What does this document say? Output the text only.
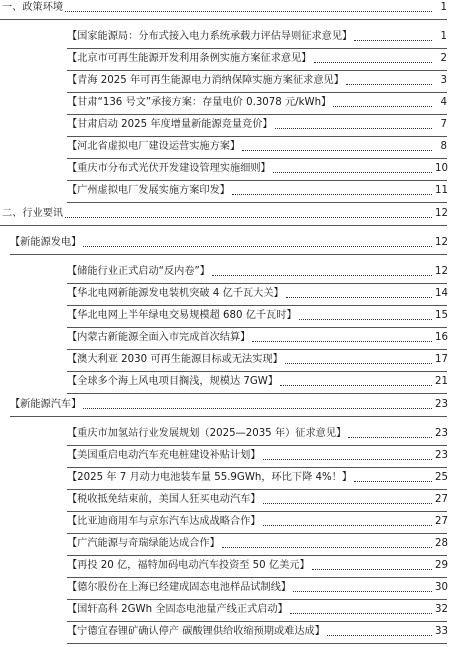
一、政策环境	1
【国家能源局：分布式接入电力系统承载力评估导则征求意见】	1
【北京市可再生能源开发利用条例实施方案征求意见】	2
【青海 2025 年可再生能源电力消纳保障实施方案征求意见】	3
【甘肃“136 号文”承接方案：存量电价 0.3078 元/kWh】	4
【甘肃启动 2025 年度增量新能源竞量竞价】	7
【河北省虚拟电厂建设运营实施方案】	8
【重庆市分布式光伏开发建设管理实施细则】	10
【广州虚拟电厂发展实施方案印发】	11
二、行业要讯	12
【新能源发电】	12
【储能行业正式启动“反内卷”】	12
【华北电网新能源发电装机突破 4 亿千瓦大关】	14
【华北电网上半年绿电交易规模超 680 亿千瓦时】	15
【内蒙古新能源全面入市完成首次结算】	16
【澳大利亚 2030 可再生能源目标或无法实现】	17
【全球多个海上风电项目搁浅，规模达 7GW】	21
【新能源汽车】	23
【重庆市加氢站行业发展规划（2025—2035 年）征求意见】	23
【美国重启电动汽车充电桩建设补贴计划】	23
【2025 年 7 月动力电池装车量 55.9GWh，环比下降 4%！】	25
【税收抵免结束前，美国人狂买电动汽车】	27
【比亚迪商用车与京东汽车达成战略合作】	27
【广汽能源与奇瑞绿能达成合作】	28
【再投 20 亿，福特加码电动汽车投资至 50 亿美元】	29
【德尔股份在上海已经建成固态电池样品试制线】	30
【国轩高科 2GWh 全固态电池量产线正式启动】	32
【宁德宜春锂矿确认停产 碳酸锂供给收缩预期或难达成】	33
